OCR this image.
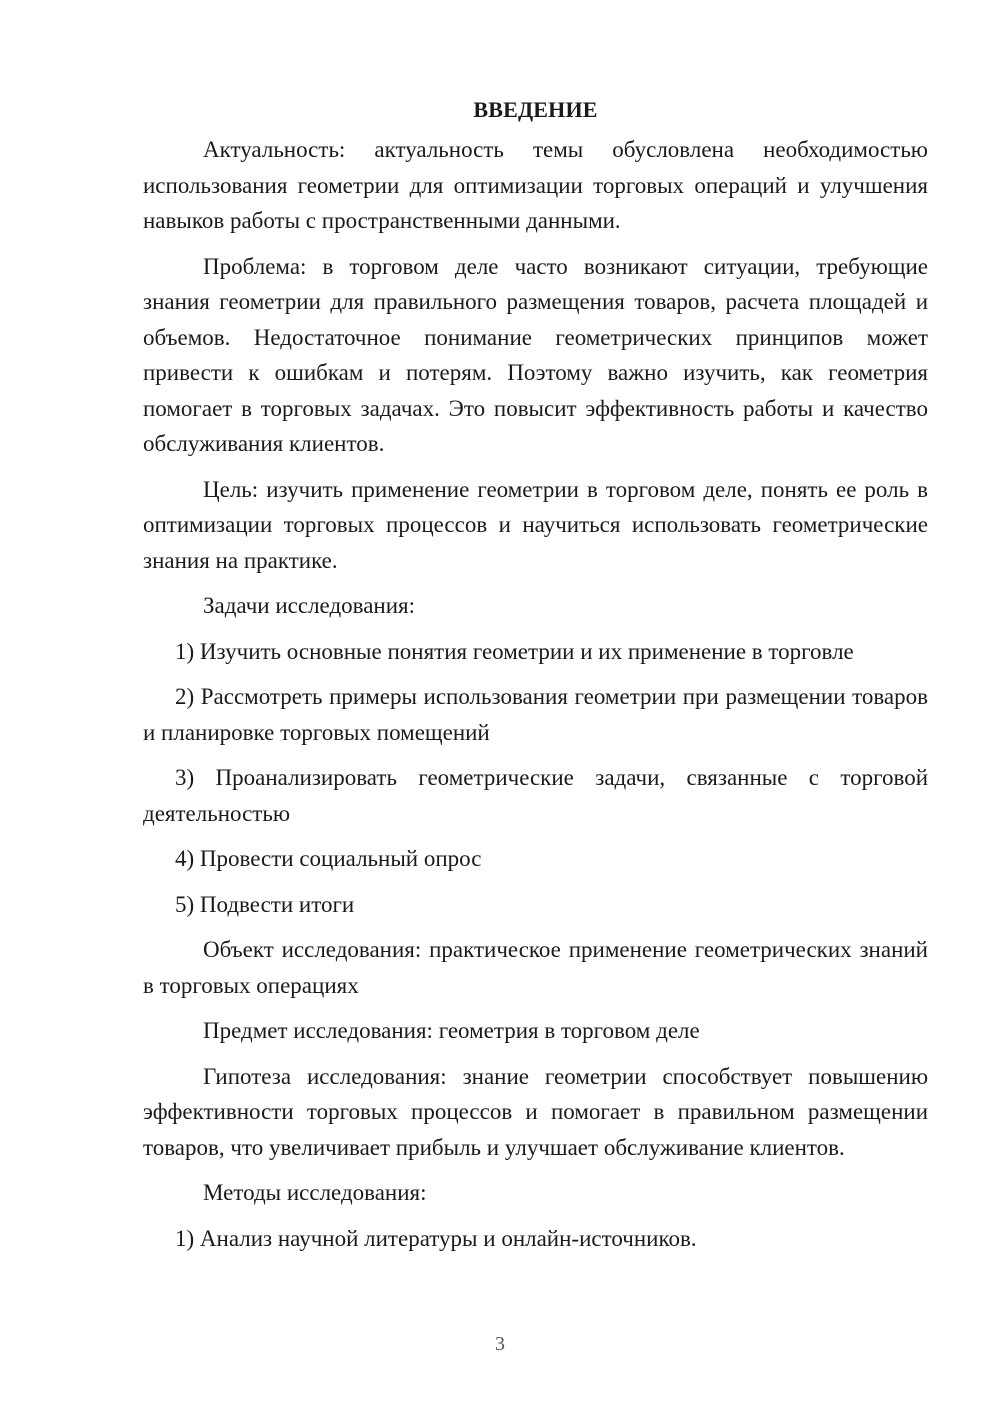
ВВЕДЕНИЕ

Актуальность: актуальность темы обусловлена необходимостью использования геометрии для оптимизации торговых операций и улучшения навыков работы с пространственными данными.

Проблема: в торговом деле часто возникают ситуации, требующие знания геометрии для правильного размещения товаров, расчета площадей и объемов. Недостаточное понимание геометрических принципов может привести к ошибкам и потерям. Поэтому важно изучить, как геометрия помогает в торговых задачах. Это повысит эффективность работы и качество обслуживания клиентов.

Цель: изучить применение геометрии в торговом деле, понять ее роль в оптимизации торговых процессов и научиться использовать геометрические знания на практике.

Задачи исследования:

1) Изучить основные понятия геометрии и их применение в торговле

2) Рассмотреть примеры использования геометрии при размещении товаров и планировке торговых помещений

3) Проанализировать геометрические задачи, связанные с торговой деятельностью

4) Провести социальный опрос

5) Подвести итоги

Объект исследования: практическое применение геометрических знаний в торговых операциях

Предмет исследования: геометрия в торговом деле

Гипотеза исследования: знание геометрии способствует повышению эффективности торговых процессов и помогает в правильном размещении товаров, что увеличивает прибыль и улучшает обслуживание клиентов.

Методы исследования:

1) Анализ научной литературы и онлайн-источников.

3
